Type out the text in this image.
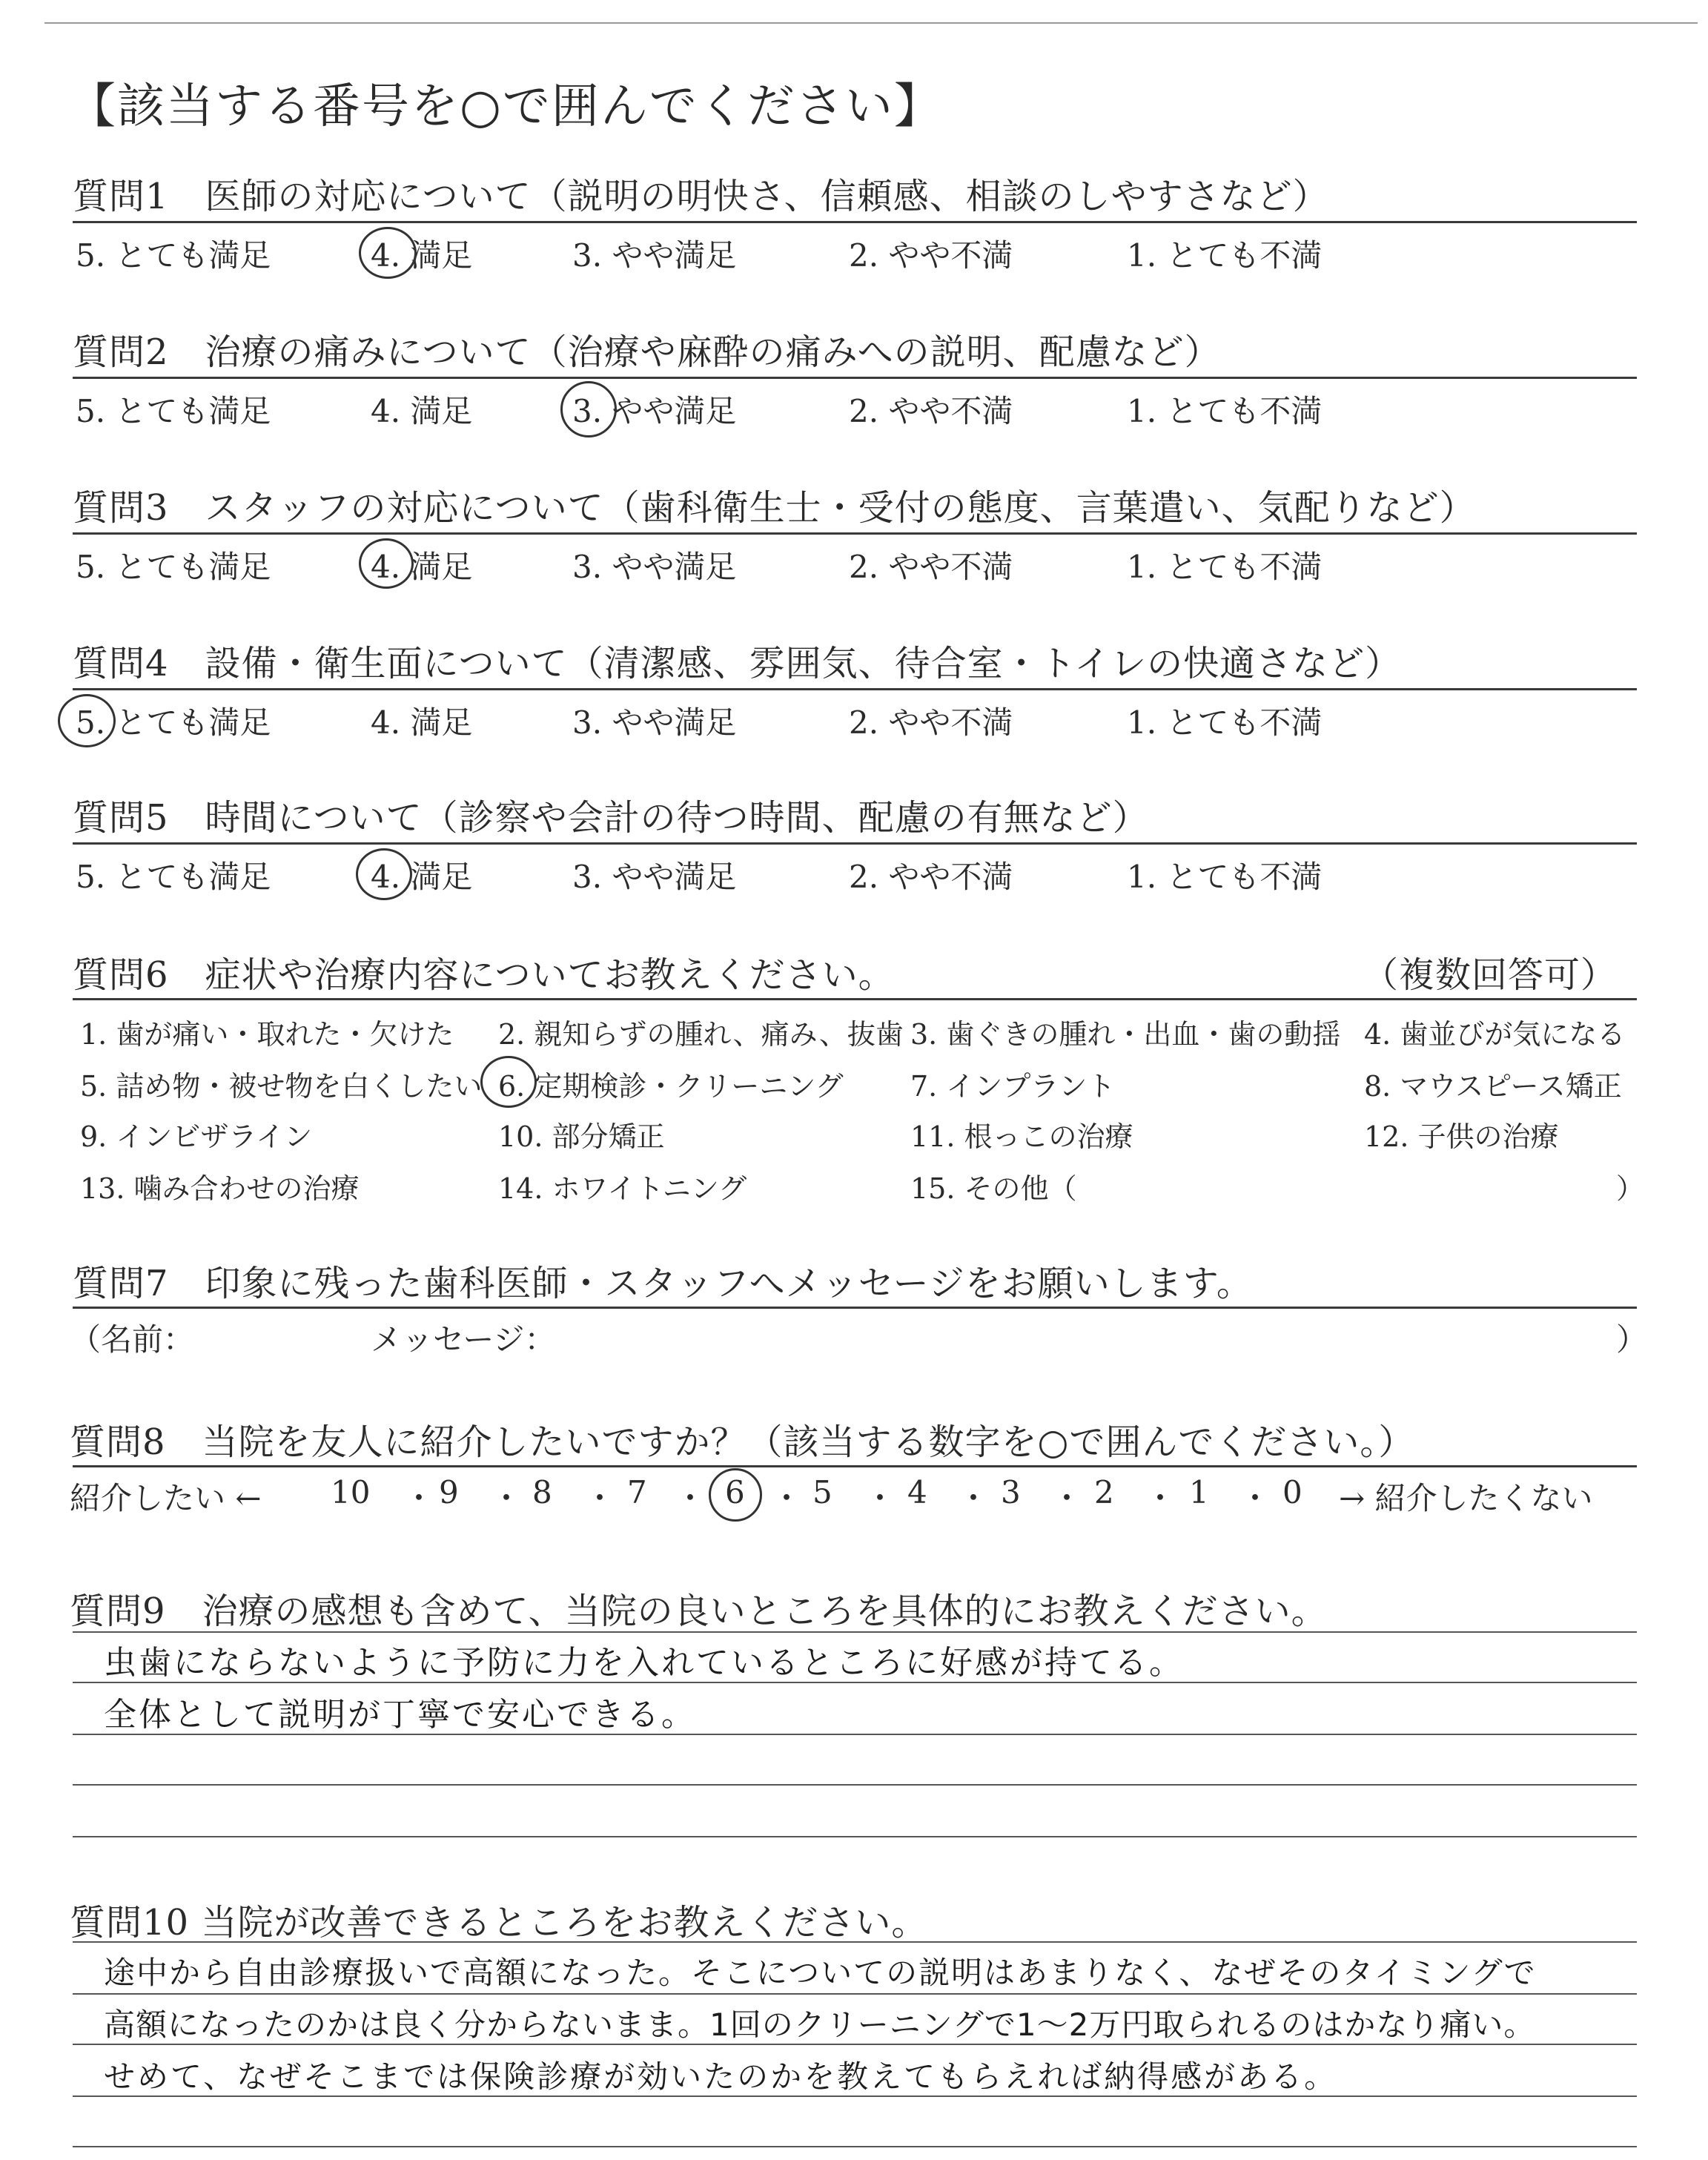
【該当する番号を○で囲んでください】
質問1　医師の対応について（説明の明快さ、信頼感、相談のしやすさなど）
5. とても満足	4. 満足	3. やや満足	2. やや不満	1. とても不満
質問2　治療の痛みについて（治療や麻酔の痛みへの説明、配慮など）
5. とても満足	4. 満足	3. やや満足	2. やや不満	1. とても不満
質問3　スタッフの対応について（歯科衛生士・受付の態度、言葉遣い、気配りなど）
5. とても満足	4. 満足	3. やや満足	2. やや不満	1. とても不満
質問4　設備・衛生面について（清潔感、雰囲気、待合室・トイレの快適さなど）
5. とても満足	4. 満足	3. やや満足	2. やや不満	1. とても不満
質問5　時間について（診察や会計の待つ時間、配慮の有無など）
5. とても満足	4. 満足	3. やや満足	2. やや不満	1. とても不満
質問6　症状や治療内容についてお教えください。	（複数回答可）
1. 歯が痛い・取れた・欠けた 2. 親知らずの腫れ、痛み、抜歯 3. 歯ぐきの腫れ・出血・歯の動揺 4. 歯並びが気になる
5. 詰め物・被せ物を白くしたい 6. 定期検診・クリーニング 7. インプラント	8. マウスピース矯正
9. インビザライン	10. 部分矯正	11. 根っこの治療	12. 子供の治療
13. 噛み合わせの治療	14. ホワイトニング	15. その他（	）
質問7　印象に残った歯科医師・スタッフへメッセージをお願いします。
（名前：	メッセージ：	）
質問8　当院を友人に紹介したいですか？（該当する数字を○で囲んでください。）
紹介したい ← 10 ・ 9 ・ 8 ・ 7 ・ 6 ・ 5 ・ 4 ・ 3 ・ 2 ・ 1 ・ 0 → 紹介したくない
質問9　治療の感想も含めて、当院の良いところを具体的にお教えください。
虫歯にならないように予防に力を入れているところに好感が持てる。
全体として説明が丁寧で安心できる。
質問10 当院が改善できるところをお教えください。
途中から自由診療扱いで高額になった。そこについての説明はあまりなく、なぜそのタイミングで
高額になったのかは良く分からないまま。1回のクリーニングで1〜2万円取られるのはかなり痛い。
せめて、なぜそこまでは保険診療が効いたのかを教えてもらえれば納得感がある。
